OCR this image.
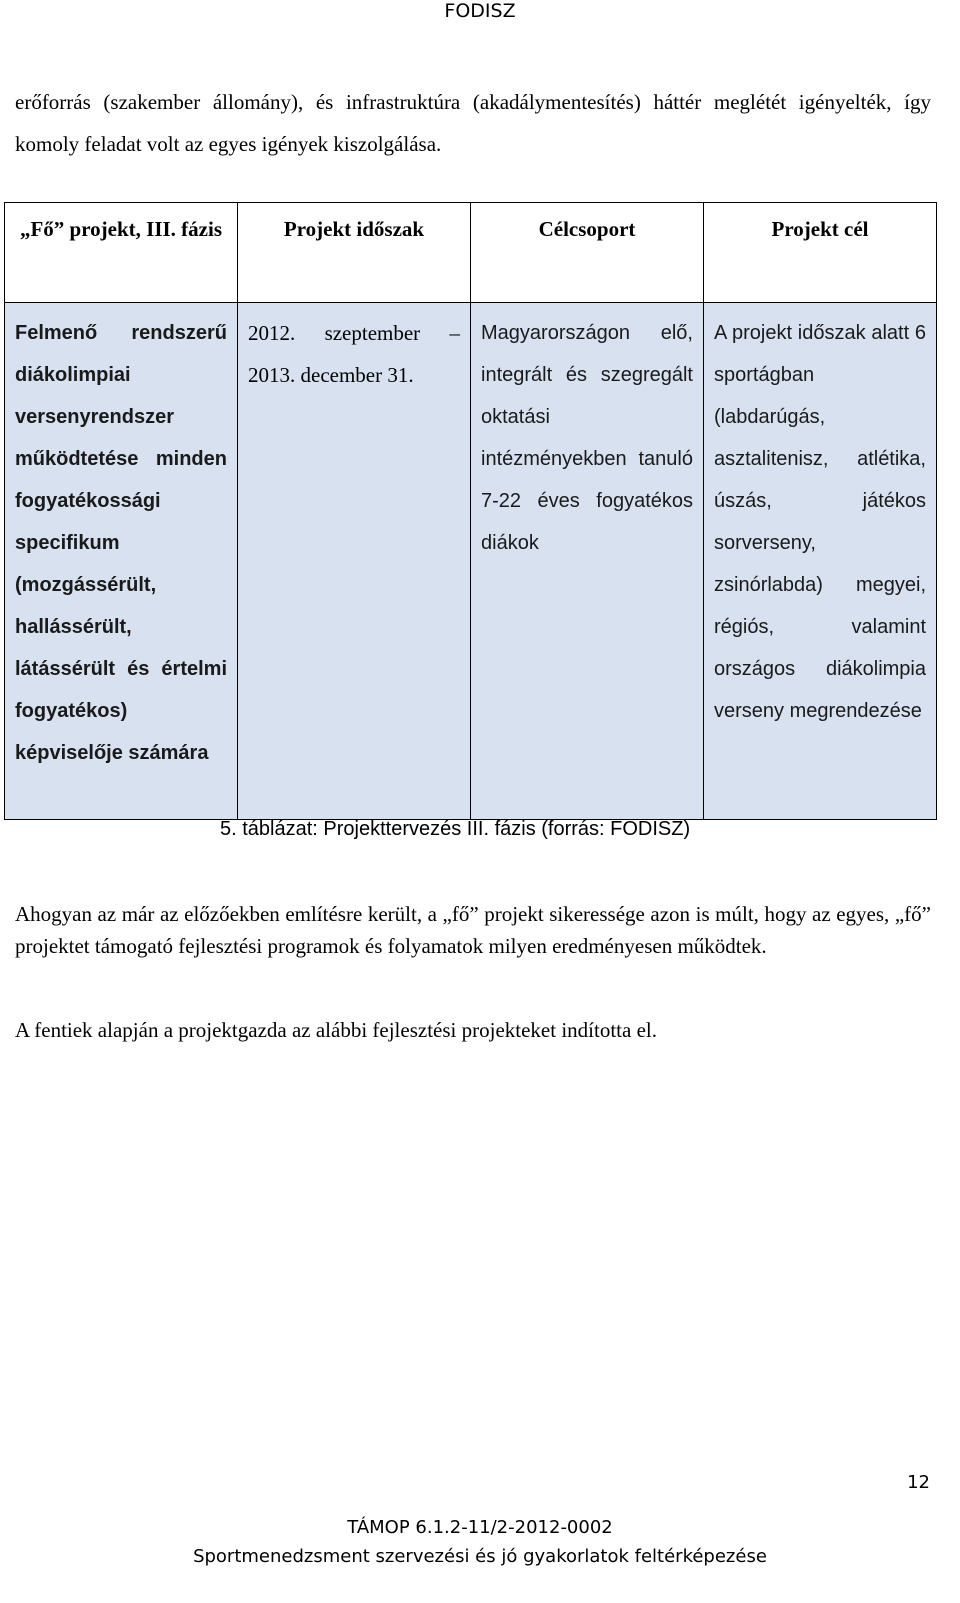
FODISZ
erőforrás (szakember állomány), és infrastruktúra (akadálymentesítés) háttér meglétét igényelték, így komoly feladat volt az egyes igények kiszolgálása.
„Fő” projekt, III. fázis	Projekt időszak	Célcsoport	Projekt cél
Felmenő rendszerű diákolimpiai versenyrendszer működtetése minden fogyatékossági specifikum (mozgássérült, hallássérült, látássérült és értelmi fogyatékos) képviselője számára	2012. szeptember – 2013. december 31.	Magyarországon elő, integrált és szegregált oktatási intézményekben tanuló 7-22 éves fogyatékos diákok	A projekt időszak alatt 6 sportágban (labdarúgás, asztalitenisz, atlétika, úszás, játékos sorverseny, zsinórlabda) megyei, régiós, valamint országos diákolimpia verseny megrendezése
5. táblázat: Projekttervezés III. fázis (forrás: FODISZ)
Ahogyan az már az előzőekben említésre került, a „fő” projekt sikeressége azon is múlt, hogy az egyes, „fő” projektet támogató fejlesztési programok és folyamatok milyen eredményesen működtek.
A fentiek alapján a projektgazda az alábbi fejlesztési projekteket indította el.
12
TÁMOP 6.1.2-11/2-2012-0002
Sportmenedzsment szervezési és jó gyakorlatok feltérképezése
